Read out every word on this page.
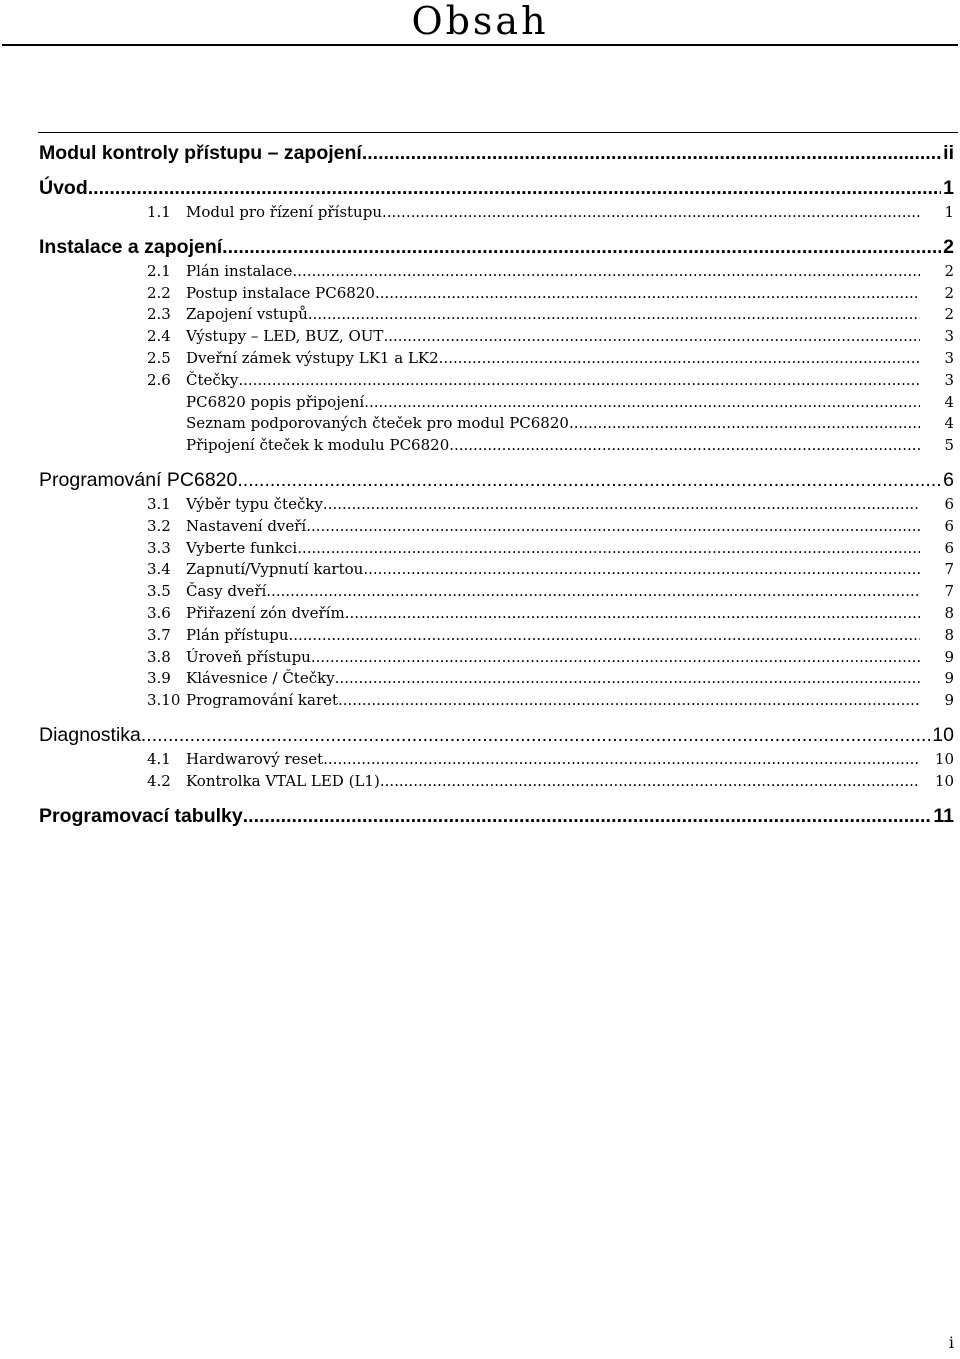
Obsah
Modul kontroly přístupu – zapojení .....	ii
Úvod .....	1
1.1 Modul pro řízení přístupu .....	1
Instalace a zapojení .....	2
2.1 Plán instalace .....	2
2.2 Postup instalace PC6820 .....	2
2.3 Zapojení vstupů .....	2
2.4 Výstupy – LED, BUZ, OUT .....	3
2.5 Dveřní zámek výstupy LK1 a LK2 .....	3
2.6 Čtečky .....	3
PC6820 popis připojení .....	4
Seznam podporovaných čteček pro modul PC6820 .....	4
Připojení čteček k modulu PC6820 .....	5
Programování PC6820 .....	6
3.1 Výběr typu čtečky .....	6
3.2 Nastavení dveří .....	6
3.3 Vyberte funkci .....	6
3.4 Zapnutí/Vypnutí kartou .....	7
3.5 Časy dveří .....	7
3.6 Přiřazení zón dveřím .....	8
3.7 Plán přístupu .....	8
3.8 Úroveň přístupu .....	9
3.9 Klávesnice / Čtečky .....	9
3.10 Programování karet .....	9
Diagnostika .....	10
4.1 Hardwarový reset .....	10
4.2 Kontrolka VTAL LED (L1) .....	10
Programovací tabulky .....	11
i
